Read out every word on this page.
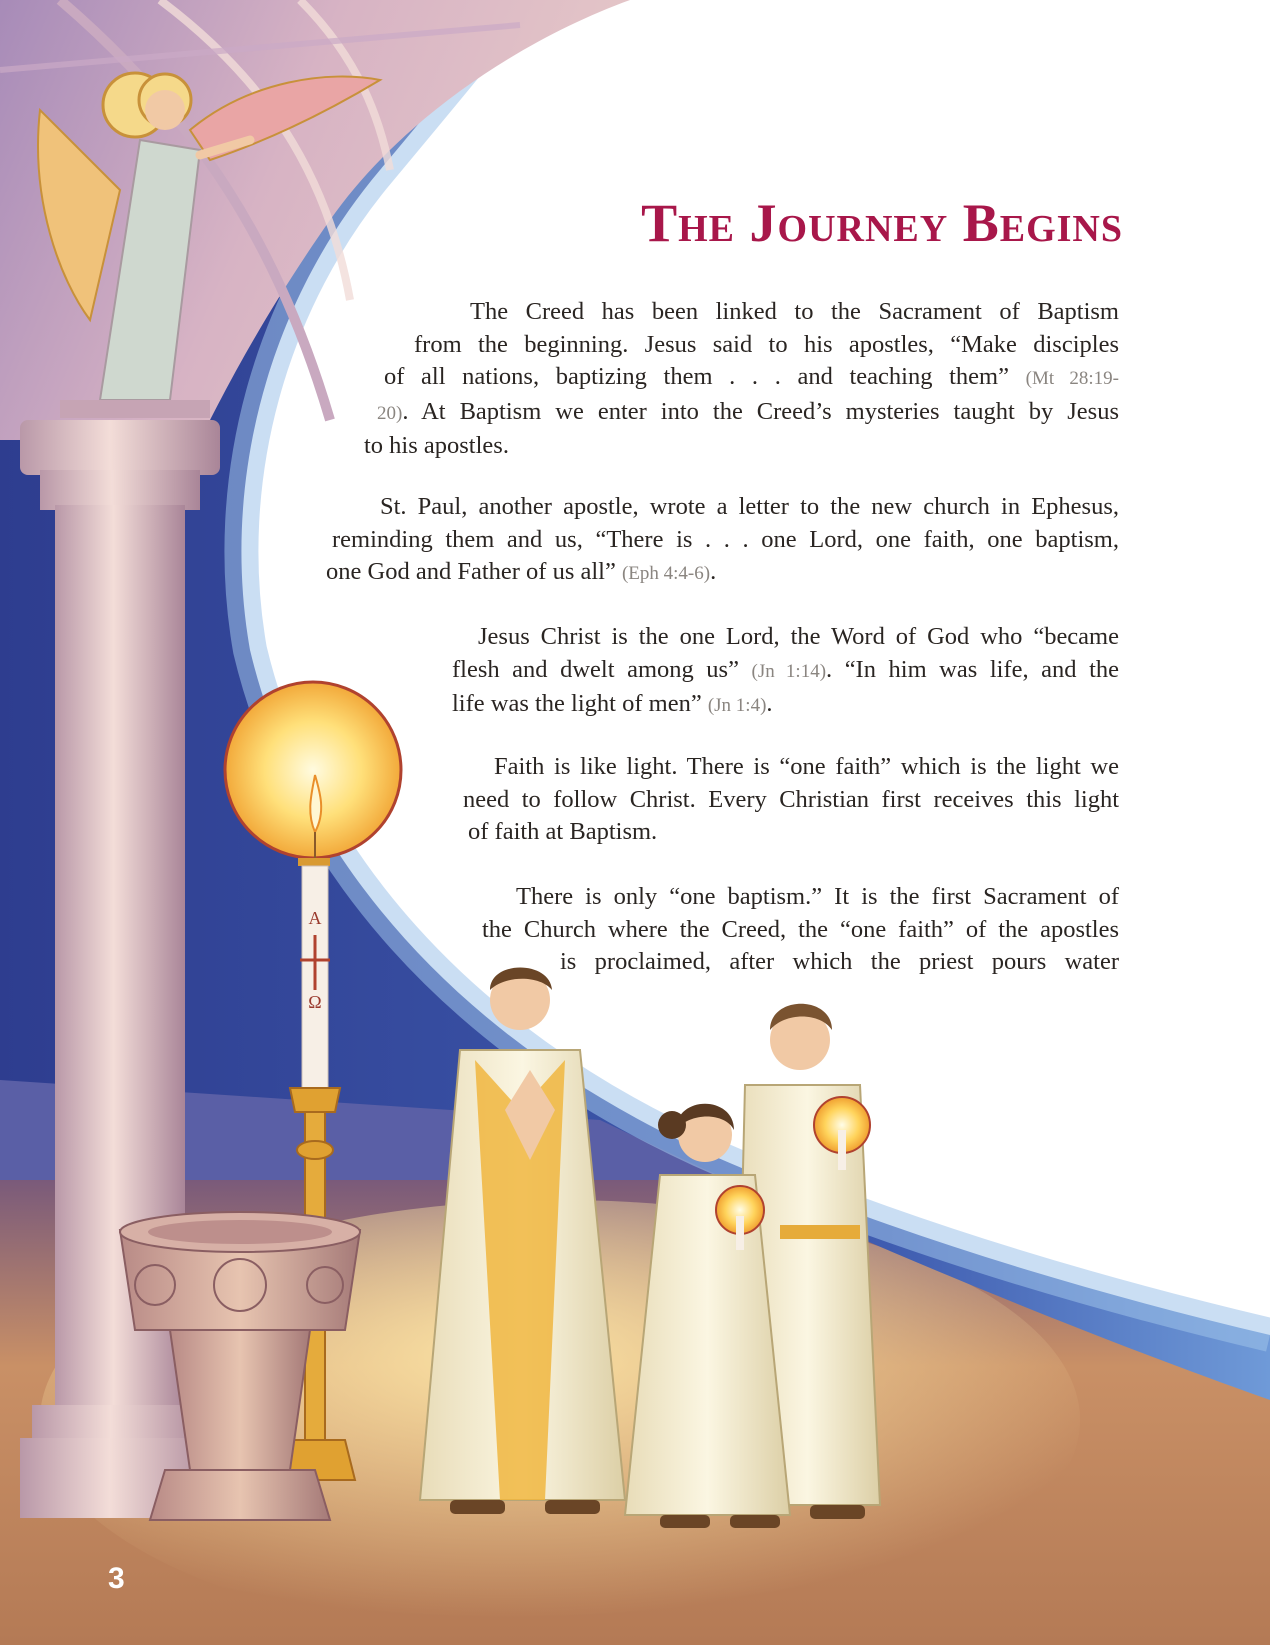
A
Ω
The Journey Begins
The Creed has been linked to the Sacrament of Baptism
from the beginning. Jesus said to his apostles, “Make disciples
of all nations, baptizing them . . . and teaching them” (Mt 28:19-
20). At Baptism we enter into the Creed’s mysteries taught by Jesus
to his apostles.
St. Paul, another apostle, wrote a letter to the new church in Ephesus,
reminding them and us, “There is . . . one Lord, one faith, one baptism,
one God and Father of us all” (Eph 4:4-6).
Jesus Christ is the one Lord, the Word of God who “became
flesh and dwelt among us” (Jn 1:14). “In him was life, and the
life was the light of men” (Jn 1:4).
Faith is like light. There is “one faith” which is the light we
need to follow Christ. Every Christian first receives this light
of faith at Baptism.
There is only “one baptism.” It is the first Sacrament of
the Church where the Creed, the “one faith” of the apostles
is proclaimed, after which the priest pours water
3
